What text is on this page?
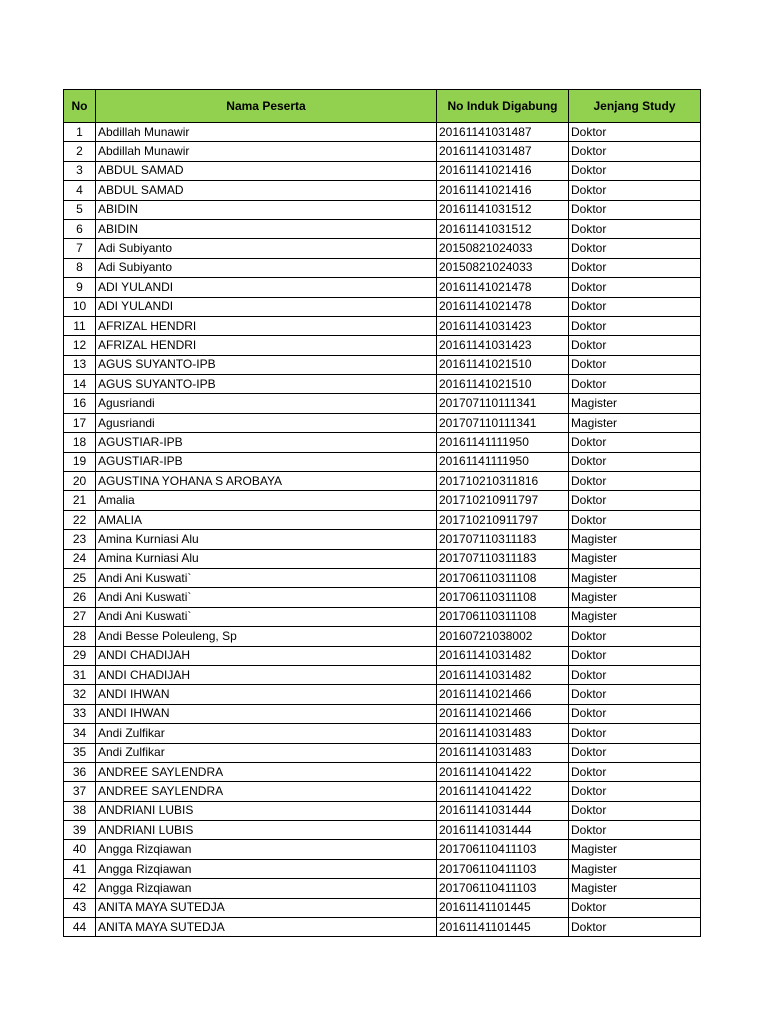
No	Nama Peserta	No Induk Digabung	Jenjang Study
1	Abdillah Munawir	20161141031487	Doktor
2	Abdillah Munawir	20161141031487	Doktor
3	ABDUL SAMAD	20161141021416	Doktor
4	ABDUL SAMAD	20161141021416	Doktor
5	ABIDIN	20161141031512	Doktor
6	ABIDIN	20161141031512	Doktor
7	Adi Subiyanto	20150821024033	Doktor
8	Adi Subiyanto	20150821024033	Doktor
9	ADI YULANDI	20161141021478	Doktor
10	ADI YULANDI	20161141021478	Doktor
11	AFRIZAL HENDRI	20161141031423	Doktor
12	AFRIZAL HENDRI	20161141031423	Doktor
13	AGUS SUYANTO-IPB	20161141021510	Doktor
14	AGUS SUYANTO-IPB	20161141021510	Doktor
16	Agusriandi	201707110111341	Magister
17	Agusriandi	201707110111341	Magister
18	AGUSTIAR-IPB	20161141111950	Doktor
19	AGUSTIAR-IPB	20161141111950	Doktor
20	AGUSTINA YOHANA S AROBAYA	201710210311816	Doktor
21	Amalia	201710210911797	Doktor
22	AMALIA	201710210911797	Doktor
23	Amina Kurniasi Alu	201707110311183	Magister
24	Amina Kurniasi Alu	201707110311183	Magister
25	Andi Ani Kuswati`	201706110311108	Magister
26	Andi Ani Kuswati`	201706110311108	Magister
27	Andi Ani Kuswati`	201706110311108	Magister
28	Andi Besse Poleuleng, Sp	20160721038002	Doktor
29	ANDI CHADIJAH	20161141031482	Doktor
31	ANDI CHADIJAH	20161141031482	Doktor
32	ANDI IHWAN	20161141021466	Doktor
33	ANDI IHWAN	20161141021466	Doktor
34	Andi Zulfikar	20161141031483	Doktor
35	Andi Zulfikar	20161141031483	Doktor
36	ANDREE SAYLENDRA	20161141041422	Doktor
37	ANDREE SAYLENDRA	20161141041422	Doktor
38	ANDRIANI LUBIS	20161141031444	Doktor
39	ANDRIANI LUBIS	20161141031444	Doktor
40	Angga Rizqiawan	201706110411103	Magister
41	Angga Rizqiawan	201706110411103	Magister
42	Angga Rizqiawan	201706110411103	Magister
43	ANITA MAYA SUTEDJA	20161141101445	Doktor
44	ANITA MAYA SUTEDJA	20161141101445	Doktor
